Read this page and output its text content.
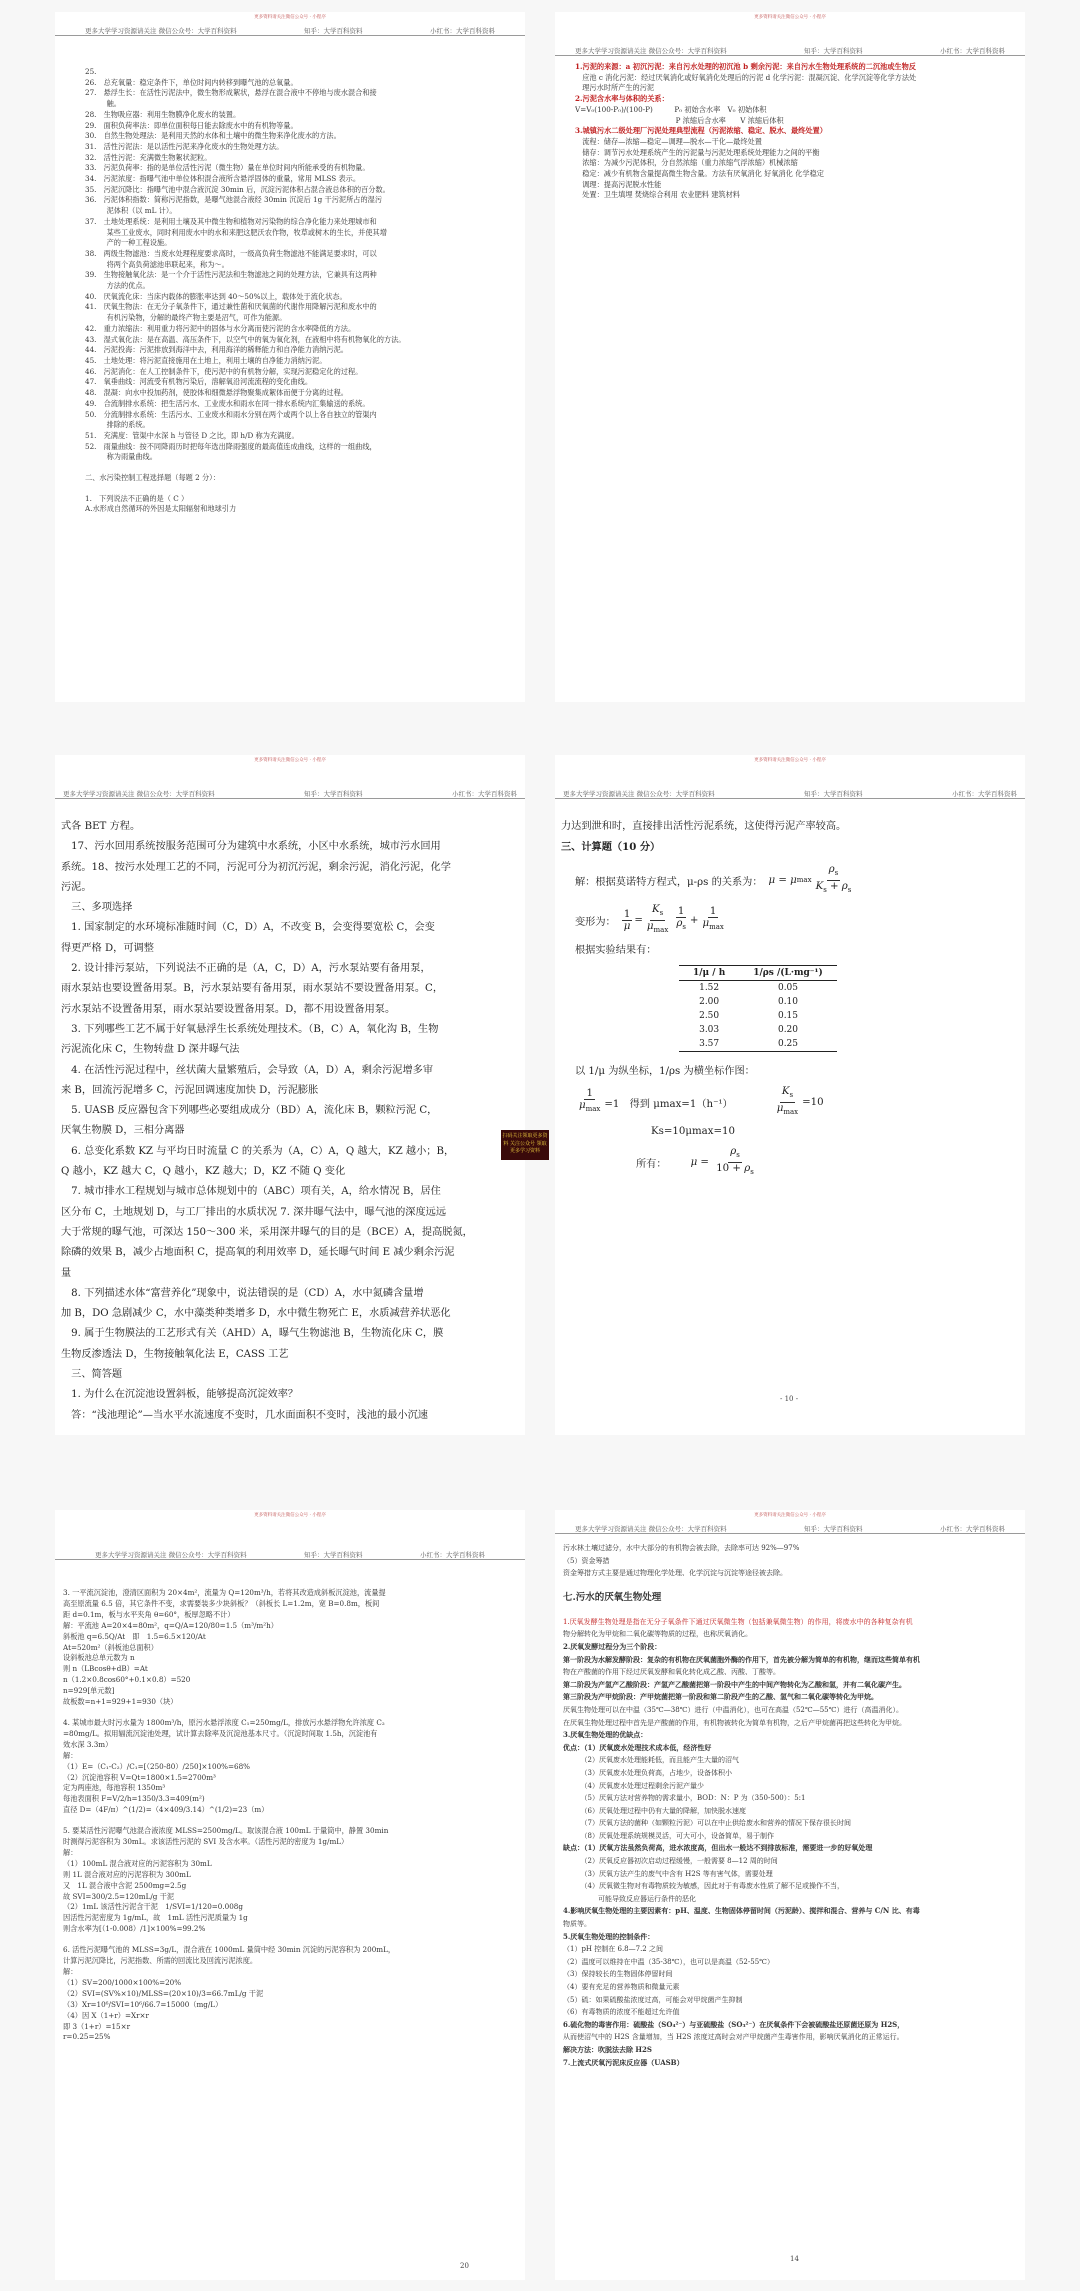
更多资料请关注微信公众号 · 小程序
更多大学学习资源请关注 微信公众号：大学百科资料	知乎：大学百科资料	小红书：大学百科资料

25.

26.　总充氧量：稳定条件下，单位时间内转移到曝气池的总氧量。

27.　悬浮生长：在活性污泥法中，微生物形成絮状，悬浮在混合液中不停地与废水混合和接

　　　触。

28.　生物吸应器：利用生物膜净化废水的装置。

29.　面积负荷率法：即单位面积每日能去除废水中的有机物等量。

30.　自然生物处理法：是利用天然的水体和土壤中的微生物来净化废水的方法。

31.　活性污泥法：是以活性污泥来净化废水的生物处理方法。

32.　活性污泥：充满微生物絮状泥粒。

33.　污泥负荷率：指的是单位活性污泥（微生物）量在单位时间内所能承受的有机物量。

34.　污泥浓度：指曝气池中单位体积混合液所含悬浮固体的重量，常用 MLSS 表示。

35.　污泥沉降比：指曝气池中混合液沉淀 30min 后，沉淀污泥体积占混合液总体积的百分数。

36.　污泥体积指数：简称污泥指数，是曝气池混合液经 30min 沉淀后 1g 干污泥所占的湿污

　　　泥体积（以 mL 计）。

37.　土地处理系统：是利用土壤及其中微生物和植物对污染物的综合净化能力来处理城市和

　　　某些工业废水，同时利用废水中的水和来肥这肥沃农作物，牧草或树木的生长，并使其增

　　　产的一种工程设施。

38.　两级生物滤池：当废水处理程度要求高时，一级高负荷生物滤池不能满足要求时，可以

　　　将两个高负荷滤池串联起来，称为～。

39.　生物接触氧化法：是一个介于活性污泥法和生物滤池之间的处理方法，它兼具有这两种

　　　方法的优点。

40.　厌氧流化床：当床内载体的膨胀率达到 40～50%以上，载体处于流化状态。

41.　厌氧生物法：在无分子氧条件下，通过兼性菌和厌氧菌的代谢作用降解污泥和废水中的

　　　有机污染物，分解的最终产物主要是沼气，可作为能源。

42.　重力浓缩法：利用重力将污泥中的固体与水分离而使污泥的含水率降低的方法。

43.　湿式氧化法：是在高温、高压条件下，以空气中的氧为氧化剂，在液相中将有机物氧化的方法。

44.　污泥投海：污泥排放到海洋中去，利用海洋的稀释能力和自净能力消纳污泥。

45.　土地处理：将污泥直接施用在土地上，利用土壤的自净能力消纳污泥。

46.　污泥消化：在人工控制条件下，使污泥中的有机物分解，实现污泥稳定化的过程。

47.　氧垂曲线：河流受有机物污染后，溶解氧沿河流流程的变化曲线。

48.　混凝：向水中投加药剂，使胶体和细微悬浮物聚集成絮体而便于分离的过程。

49.　合流制排水系统：把生活污水、工业废水和雨水在同一排水系统内汇集输送的系统。

50.　分流制排水系统：生活污水、工业废水和雨水分别在两个或两个以上各自独立的管渠内

　　　排除的系统。

51.　充满度：管渠中水深 h 与管径 D 之比，即 h/D 称为充满度。

52.　雨量曲线：按不同降雨历时把每年选出降雨强度的最高值连成曲线，这样的一组曲线，

　　　称为雨量曲线。

二、水污染控制工程选择题（每题 2 分）：

1.　下列说法不正确的是（ C ）

A.水形成自然循环的外因是太阳辐射和地球引力

更多资料请关注微信公众号 · 小程序
更多大学学习资源请关注 微信公众号：大学百科资料	知乎：大学百科资料	小红书：大学百科资料

1.污泥的来源：a 初沉污泥：来自污水处理的初沉池 b 剩余污泥：来自污水生物处理系统的二沉池或生物反

　应池 c 消化污泥：经过厌氧消化或好氧消化处理后的污泥 d 化学污泥：混凝沉淀、化学沉淀等化学方法处

　理污水时所产生的污泥

2.污泥含水率与体积的关系：

V=V₀(100-P₀)/(100-P)　　　P₀ 初始含水率　V₀ 初始体积

　　　　　　　　　　　　　　P 浓缩后含水率　　V 浓缩后体积

3.城镇污水二级处理厂污泥处理典型流程（污泥浓缩、稳定、脱水、最终处置）

　流程：储存—浓缩—稳定—调理—脱水—干化—最终处置

　储存：调节污水处理系统产生的污泥量与污泥处理系统处理能力之间的平衡

　浓缩：为减少污泥体积，分自然浓缩（重力浓缩气浮浓缩）机械浓缩

　稳定：减少有机物含量提高微生物含量。方法有厌氧消化 好氧消化 化学稳定

　调理：提高污泥脱水性能

　处置：卫生填埋 焚烧综合利用 农业肥料 建筑材料

更多资料请关注微信公众号 · 小程序
更多大学学习资源请关注 微信公众号：大学百科资料	知乎：大学百科资料	小红书：大学百科资料

式各 BET 方程。

　17、污水回用系统按服务范围可分为建筑中水系统，小区中水系统，城市污水回用

系统。18、按污水处理工艺的不同，污泥可分为初沉污泥，剩余污泥，消化污泥，化学

污泥。

　三、多项选择

　1. 国家制定的水环境标准随时间（C，D）A，不改变 B，会变得要宽松 C，会变

得更严格 D，可调整

　2. 设计排污泵站，下列说法不正确的是（A，C，D）A，污水泵站要有备用泵，

雨水泵站也要设置备用泵。B，污水泵站要有备用泵，雨水泵站不要设置备用泵。C，

污水泵站不设置备用泵，雨水泵站要设置备用泵。D，都不用设置备用泵。

　3. 下列哪些工艺不属于好氧悬浮生长系统处理技术。（B，C）A，氧化沟 B，生物

污泥流化床 C，生物转盘 D 深井曝气法

　4. 在活性污泥过程中，丝状菌大量繁殖后，会导致（A，D）A，剩余污泥增多审

来 B，回流污泥增多 C，污泥回调速度加快 D，污泥膨胀

　5. UASB 反应器包含下列哪些必要组成成分（BD）A，流化床 B，颗粒污泥 C，

厌氧生物膜 D，三相分离器

　6. 总变化系数 KZ 与平均日时流量 C 的关系为（A，C）A，Q 越大，KZ 越小；B，

Q 越小，KZ 越大 C，Q 越小，KZ 越大；D，KZ 不随 Q 变化

　7. 城市排水工程规划与城市总体规划中的（ABC）项有关，A，给水情况 B，居住

区分布 C，土地规划 D，与工厂排出的水质状况 7. 深井曝气法中，曝气池的深度远远

大于常规的曝气池，可深达 150～300 米，采用深井曝气的目的是（BCE）A，提高脱氮，

除磷的效果 B，减少占地面积 C，提高氧的利用效率 D，延长曝气时间 E 减少剩余污泥

量

　8. 下列描述水体“富营养化”现象中，说法错误的是（CD）A，水中氮磷含量增

加 B，DO 急剧减少 C，水中藻类种类增多 D，水中微生物死亡 E，水质减营养状恶化

　9. 属于生物膜法的工艺形式有关（AHD）A，曝气生物滤池 B，生物流化床 C，膜

生物反渗透法 D，生物接触氧化法 E，CASS 工艺

　三、简答题

　1. 为什么在沉淀池设置斜板，能够提高沉淀效率？

　答：“浅池理论”—当水平水流速度不变时，几水面面积不变时，浅池的最小沉速

扫码关注领取更多资料 关注公众号 领取更多学习资料
更多资料请关注微信公众号 · 小程序
更多大学学习资源请关注 微信公众号：大学百科资料	知乎：大学百科资料	小红书：大学百科资料
力达到泄和时，直接排出活性污泥系统，这使得污泥产率较高。
三、计算题（10 分）
解：根据莫诺特方程式，μ-ρs 的关系为： μ = μ $\max \frac{\rho_s}{K_s + \rho_s}$
变形为： $\frac{1}{\mu} = \frac{K_s}{\mu_{max}} \frac{1}{\rho_s} + \frac{1}{\mu_{max}}$
根据实验结果有：
1/μ / h	1/ρs /(L·mg⁻¹)
1.52	0.05
2.00	0.10
2.50	0.15
3.03	0.20
3.57	0.25
以 1/μ 为纵坐标，1/ρs 为横坐标作图：
$\frac{1}{\mu_{max}} =1$　得到 μmax=1（h⁻¹）	$\frac{K_s}{\mu_{max}} =10$
Ks=10μmax=10
所有： $\mu = \frac{\rho_s}{10 + \rho_s}$
- 10 -
更多资料请关注微信公众号 · 小程序
更多大学学习资源请关注 微信公众号：大学百科资料	知乎：大学百科资料	小红书：大学百科资料

3. 一平流沉淀池，澄清区面积为 20×4m²，流量为 Q=120m³/h，若将其改造成斜板沉淀池，流量提

高至原流量 6.5 倍，其它条件不变，求需要装多少块斜板？（斜板长 L=1.2m，宽 B=0.8m，板间

距 d=0.1m，板与水平夹角 θ=60°，板厚忽略不计）

解：平流池 A=20×4=80m²，q=Q/A=120/80=1.5（m³/m²h）

斜板池 q=6.5Q/At　即　1.5=6.5×120/At

At=520m²（斜板池总面积）

设斜板池总单元数为 n

则 n（LBcosθ+dB）=At

n（1.2×0.8cos60°+0.1×0.8）=520

n=929[单元数]

故板数=n+1=929+1=930（块）

4. 某城市最大时污水量为 1800m³/h，原污水悬浮浓度 C₁=250mg/L，排放污水悬浮物允许浓度 C₂

=80mg/L。拟用辐流沉淀池处理，试计算去除率及沉淀池基本尺寸。（沉淀时间取 1.5h，沉淀池有

效水深 3.3m）

解：

（1）E=（C₁-C₂）/C₁=[（250-80）/250]×100%=68%

（2）沉淀池容积 V=Qt=1800×1.5=2700m³

定为两座池，每池容积 1350m³

每池表面积 F=V/2/h=1350/3.3=409(m²)

直径 D=（4F/π）^(1/2)=（4×409/3.14）^(1/2)=23（m）

5. 要某活性污泥曝气池混合液浓度 MLSS=2500mg/L。取该混合液 100mL 于量筒中，静置 30min

时测得污泥容积为 30mL。求该活性污泥的 SVI 及含水率。（活性污泥的密度为 1g/mL）

解：

（1）100mL 混合液对应的污泥容积为 30mL

则 1L 混合液对应的污泥容积为 300mL

又　1L 混合液中含泥 2500mg=2.5g

故 SVI=300/2.5=120mL/g 干泥

（2）1mL 该活性污泥含干泥　1/SVI=1/120=0.008g

因活性污泥密度为 1g/mL，故　1mL 活性污泥质量为 1g

则含水率为[（1-0.008）/1]×100%=99.2%

6. 活性污泥曝气池的 MLSS=3g/L，混合液在 1000mL 量筒中经 30min 沉淀的污泥容积为 200mL，

计算污泥沉降比，污泥指数、所需的回流比及回流污泥浓度。

解：

（1）SV=200/1000×100%=20%

（2）SVI=(SV%×10)/MLSS=(20×10)/3=66.7mL/g 干泥

（3）Xr=10⁶/SVI=10⁶/66.7=15000（mg/L）

（4）因 X（1+r）=Xr×r

即 3（1+r）=15×r

r=0.25=25%

20
更多资料请关注微信公众号 · 小程序
更多大学学习资源请关注 微信公众号：大学百科资料	知乎：大学百科资料	小红书：大学百科资料

污水林土壤过滤分，水中大部分的有机物会被去除，去除率可达 92%—97%

（5）资金筹措

资金筹措方式主要是通过物理化学处理、化学沉淀与沉淀等途径被去除。

七.污水的厌氧生物处理

1.厌氧发酵生物处理是指在无分子氧条件下通过厌氧微生物（包括兼氧微生物）的作用，将废水中的各种复杂有机

物分解转化为甲烷和二氧化碳等物质的过程，也称厌氧消化。

2.厌氧发酵过程分为三个阶段：

第一阶段为水解发酵阶段：复杂的有机物在厌氧菌胞外酶的作用下，首先被分解为简单的有机物，继而这些简单有机

物在产酸菌的作用下经过厌氧发酵和氧化转化成乙酸、丙酸、丁酸等。

第二阶段为产氢产乙酸阶段：产氢产乙酸菌把第一阶段中产生的中间产物转化为乙酸和氢，并有二氧化碳产生。

第三阶段为产甲烷阶段：产甲烷菌把第一阶段和第二阶段产生的乙酸、氢气和二氧化碳等转化为甲烷。

厌氧生物处理可以在中温（35℃—38℃）进行（中温消化），也可在高温（52℃—55℃）进行（高温消化）。

在厌氧生物处理过程中首先是产酸菌的作用，有机物被转化为简单有机物，之后产甲烷菌再把这些转化为甲烷。

3.厌氧生物处理的优缺点：

优点：（1）厌氧废水处理技术成本低，经济性好

　　　（2）厌氧废水处理能耗低，而且能产生大量的沼气

　　　（3）厌氧废水处理负荷高，占地少，设备体积小

　　　（4）厌氧废水处理过程剩余污泥产量少

　　　（5）厌氧方法对营养物的需求量小，BOD：N：P 为（350-500）：5:1

　　　（6）厌氧处理过程中仍有大量的降解，加快脱水速度

　　　（7）厌氧方法的菌种（如颗粒污泥）可以在中止供给废水和营养的情况下保存很长时间

　　　（8）厌氧处理系统规模灵活，可大可小，设备简单，易于制作

缺点：（1）厌氧方法虽然负荷高，进水浓度高，但出水一般达不到排放标准，需要进一步的好氧处理

　　　（2）厌氧反应器初次启动过程缓慢，一般需要 8—12 周的时间

　　　（3）厌氧方法产生的废气中含有 H2S 等有害气体，需要处理

　　　（4）厌氧微生物对有毒物质较为敏感，因此对于有毒废水性质了解不足或操作不当，

　　　　　可能导致反应器运行条件的恶化

4.影响厌氧生物处理的主要因素有：pH、温度、生物固体停留时间（污泥龄）、搅拌和混合、营养与 C/N 比、有毒

物质等。

5.厌氧生物处理的控制条件：

（1）pH 控制在 6.8—7.2 之间

（2）温度可以维持在中温（35-38℃），也可以是高温（52-55℃）

（3）保持较长的生物固体停留时间

（4）要有充足的营养物质和微量元素

（5）硫：如果硫酸盐浓度过高，可能会对甲烷菌产生抑制

（6）有毒物质的浓度不能超过允许值

6.硫化物的毒害作用：硫酸盐（SO₄²⁻）与亚硫酸盐（SO₃²⁻）在厌氧条件下会被硫酸盐还原菌还原为 H2S，

从而使沼气中的 H2S 含量增加，当 H2S 浓度过高时会对产甲烷菌产生毒害作用，影响厌氧消化的正常运行。

解决方法：吹脱法去除 H2S

7.上流式厌氧污泥床反应器（UASB）

14
